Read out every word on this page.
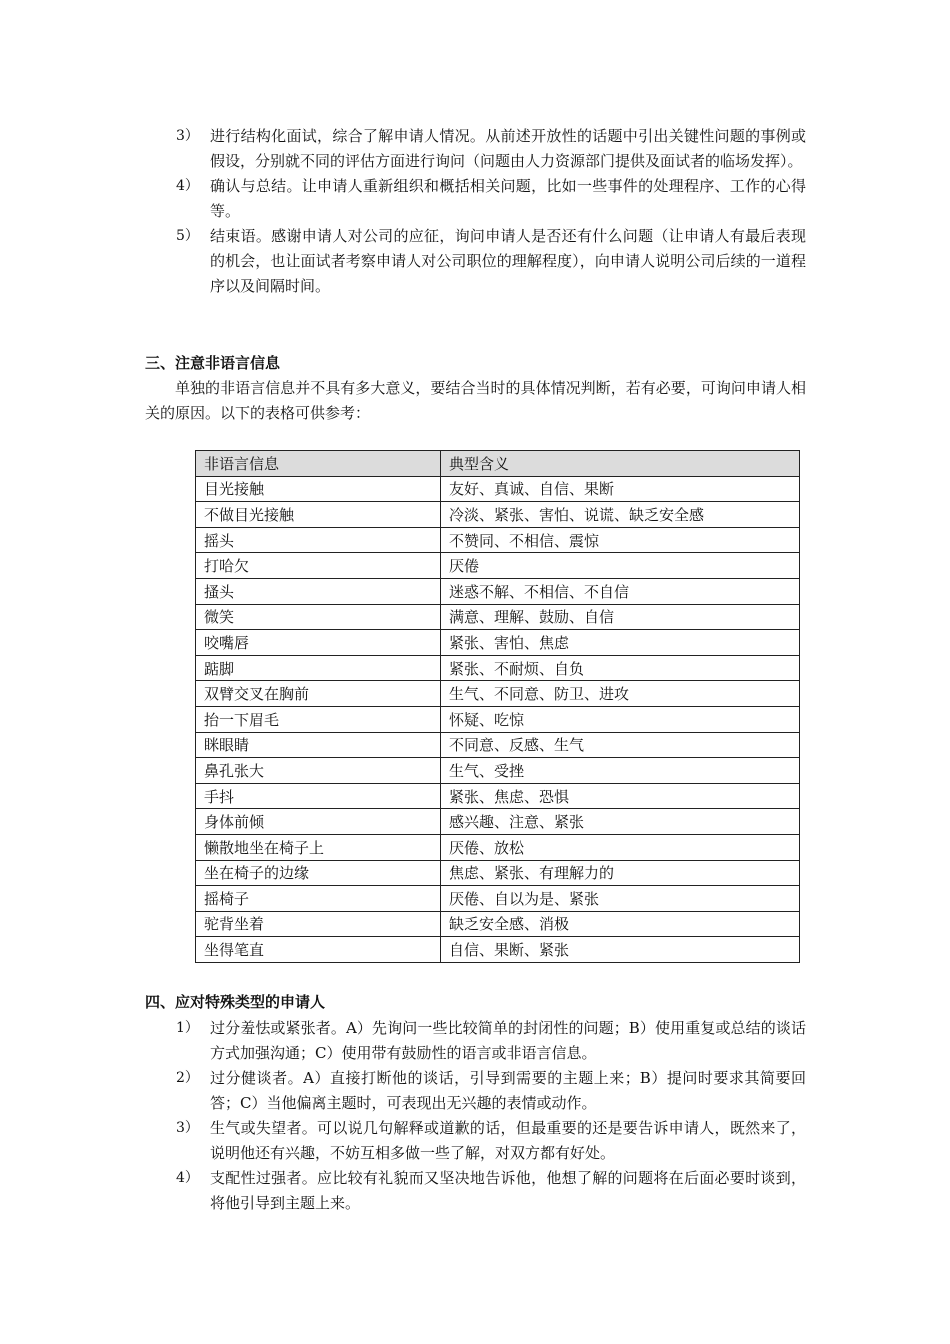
3） 进行结构化面试，综合了解申请人情况。从前述开放性的话题中引出关键性问题的事例或假设，分别就不同的评估方面进行询问（问题由人力资源部门提供及面试者的临场发挥）。
4） 确认与总结。让申请人重新组织和概括相关问题，比如一些事件的处理程序、工作的心得等。
5） 结束语。感谢申请人对公司的应征，询问申请人是否还有什么问题（让申请人有最后表现的机会，也让面试者考察申请人对公司职位的理解程度），向申请人说明公司后续的一道程序以及间隔时间。
三、注意非语言信息
单独的非语言信息并不具有多大意义，要结合当时的具体情况判断，若有必要，可询问申请人相关的原因。以下的表格可供参考：
非语言信息	典型含义
目光接触	友好、真诚、自信、果断
不做目光接触	冷淡、紧张、害怕、说谎、缺乏安全感
摇头	不赞同、不相信、震惊
打哈欠	厌倦
搔头	迷惑不解、不相信、不自信
微笑	满意、理解、鼓励、自信
咬嘴唇	紧张、害怕、焦虑
踮脚	紧张、不耐烦、自负
双臂交叉在胸前	生气、不同意、防卫、进攻
抬一下眉毛	怀疑、吃惊
眯眼睛	不同意、反感、生气
鼻孔张大	生气、受挫
手抖	紧张、焦虑、恐惧
身体前倾	感兴趣、注意、紧张
懒散地坐在椅子上	厌倦、放松
坐在椅子的边缘	焦虑、紧张、有理解力的
摇椅子	厌倦、自以为是、紧张
驼背坐着	缺乏安全感、消极
坐得笔直	自信、果断、紧张
四、应对特殊类型的申请人
1） 过分羞怯或紧张者。A）先询问一些比较简单的封闭性的问题；B）使用重复或总结的谈话方式加强沟通；C）使用带有鼓励性的语言或非语言信息。
2） 过分健谈者。A）直接打断他的谈话，引导到需要的主题上来；B）提问时要求其简要回答；C）当他偏离主题时，可表现出无兴趣的表情或动作。
3） 生气或失望者。可以说几句解释或道歉的话，但最重要的还是要告诉申请人，既然来了，说明他还有兴趣，不妨互相多做一些了解，对双方都有好处。
4） 支配性过强者。应比较有礼貌而又坚决地告诉他，他想了解的问题将在后面必要时谈到，将他引导到主题上来。
